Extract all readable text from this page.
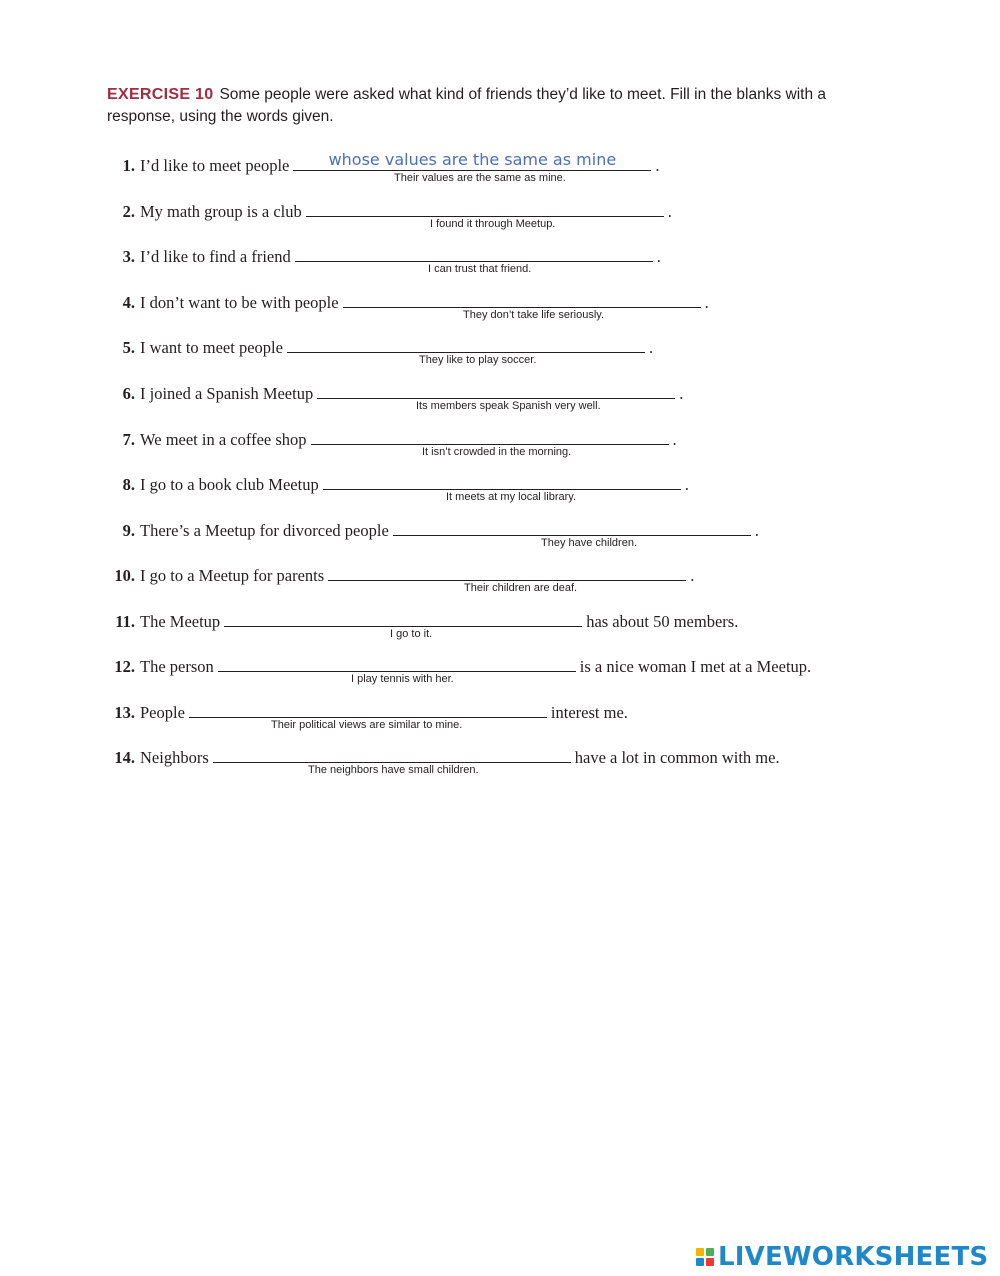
EXERCISE 10 Some people were asked what kind of friends they’d like to meet. Fill in the blanks with a response, using the words given.
1. I’d like to meet people
whose values are the same as mine	.
Their values are the same as mine.
2. My math group is a club	.
I found it through Meetup.
3. I’d like to find a friend	.
I can trust that friend.
4. I don’t want to be with people	.
They don’t take life seriously.
5. I want to meet people	.
They like to play soccer.
6. I joined a Spanish Meetup	.
Its members speak Spanish very well.
7. We meet in a coffee shop	.
It isn’t crowded in the morning.
8. I go to a book club Meetup	.
It meets at my local library.
9. There’s a Meetup for divorced people	.
They have children.
10. I go to a Meetup for parents	.
Their children are deaf.
11. The Meetup	has about 50 members.
I go to it.
12. The person	is a nice woman I met at a Meetup.
I play tennis with her.
13. People	interest me.
Their political views are similar to mine.
14. Neighbors	have a lot in common with me.
The neighbors have small children.
LIVEWORKSHEETS
